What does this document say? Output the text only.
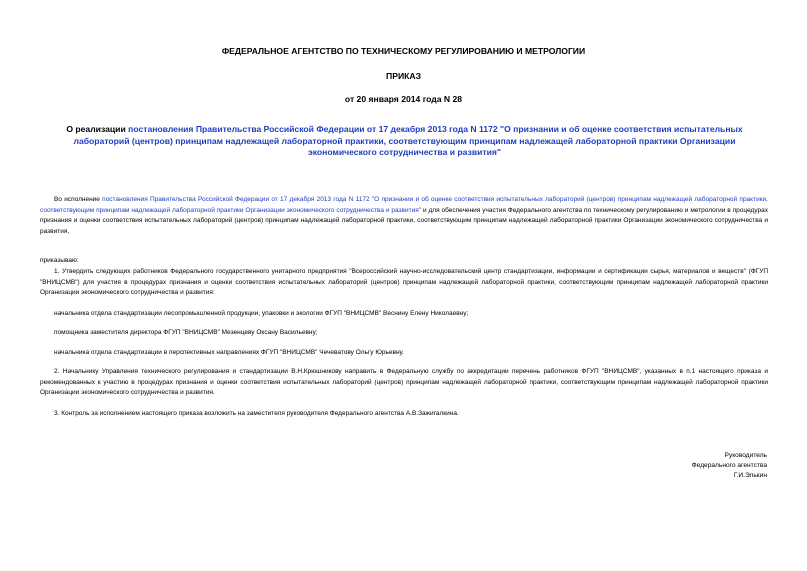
ФЕДЕРАЛЬНОЕ АГЕНТСТВО ПО ТЕХНИЧЕСКОМУ РЕГУЛИРОВАНИЮ И МЕТРОЛОГИИ
ПРИКАЗ
от 20 января 2014 года N 28
О реализации постановления Правительства Российской Федерации от 17 декабря 2013 года N 1172 "О признании и об оценке соответствия испытательных лабораторий (центров) принципам надлежащей лабораторной практики, соответствующим принципам надлежащей лабораторной практики Организации экономического сотрудничества и развития"
Во исполнение постановления Правительства Российской Федерации от 17 декабря 2013 года N 1172 "О признании и об оценке соответствия испытательных лабораторий (центров) принципам надлежащей лабораторной практики, соответствующим принципам надлежащей лабораторной практики Организации экономического сотрудничества и развития" и для обеспечения участия Федерального агентства по техническому регулированию и метрологии в процедурах признания и оценки соответствия испытательных лабораторий (центров) принципам надлежащей лабораторной практики, соответствующим принципам надлежащей лабораторной практики Организации экономического сотрудничества и развития,
приказываю:
1. Утвердить следующих работников Федерального государственного унитарного предприятия "Всероссийский научно-исследовательский центр стандартизации, информации и сертификации сырья, материалов и веществ" (ФГУП "ВНИЦСМВ") для участия в процедурах признания и оценки соответствия испытательных лабораторий (центров) принципам надлежащей лабораторной практики, соответствующим принципам надлежащей лабораторной практики Организации экономического сотрудничества и развития:
начальника отдела стандартизации лесопромышленной продукции, упаковки и экологии ФГУП "ВНИЦСМВ" Веснину Елену Николаевну;
помощника заместителя директора ФГУП "ВНИЦСМВ" Мезенцеву Оксану Васильевну;
начальника отдела стандартизации в перспективных направлениях ФГУП "ВНИЦСМВ" Чечеватову Ольгу Юрьевну.
2. Начальнику Управления технического регулирования и стандартизации В.Н.Крюшникову направить в Федеральную службу по аккредитации перечень работников ФГУП "ВНИЦСМВ", указанных в п.1 настоящего приказа и рекомендованных к участию в процедурах признания и оценки соответствия испытательных лабораторий (центров) принципам надлежащей лабораторной практики, соответствующим принципам надлежащей лабораторной практики Организации экономического сотрудничества и развития.
3. Контроль за исполнением настоящего приказа возложить на заместителя руководителя Федерального агентства А.В.Зажигалкина.
Руководитель
Федерального агентства
Г.И.Элькин
